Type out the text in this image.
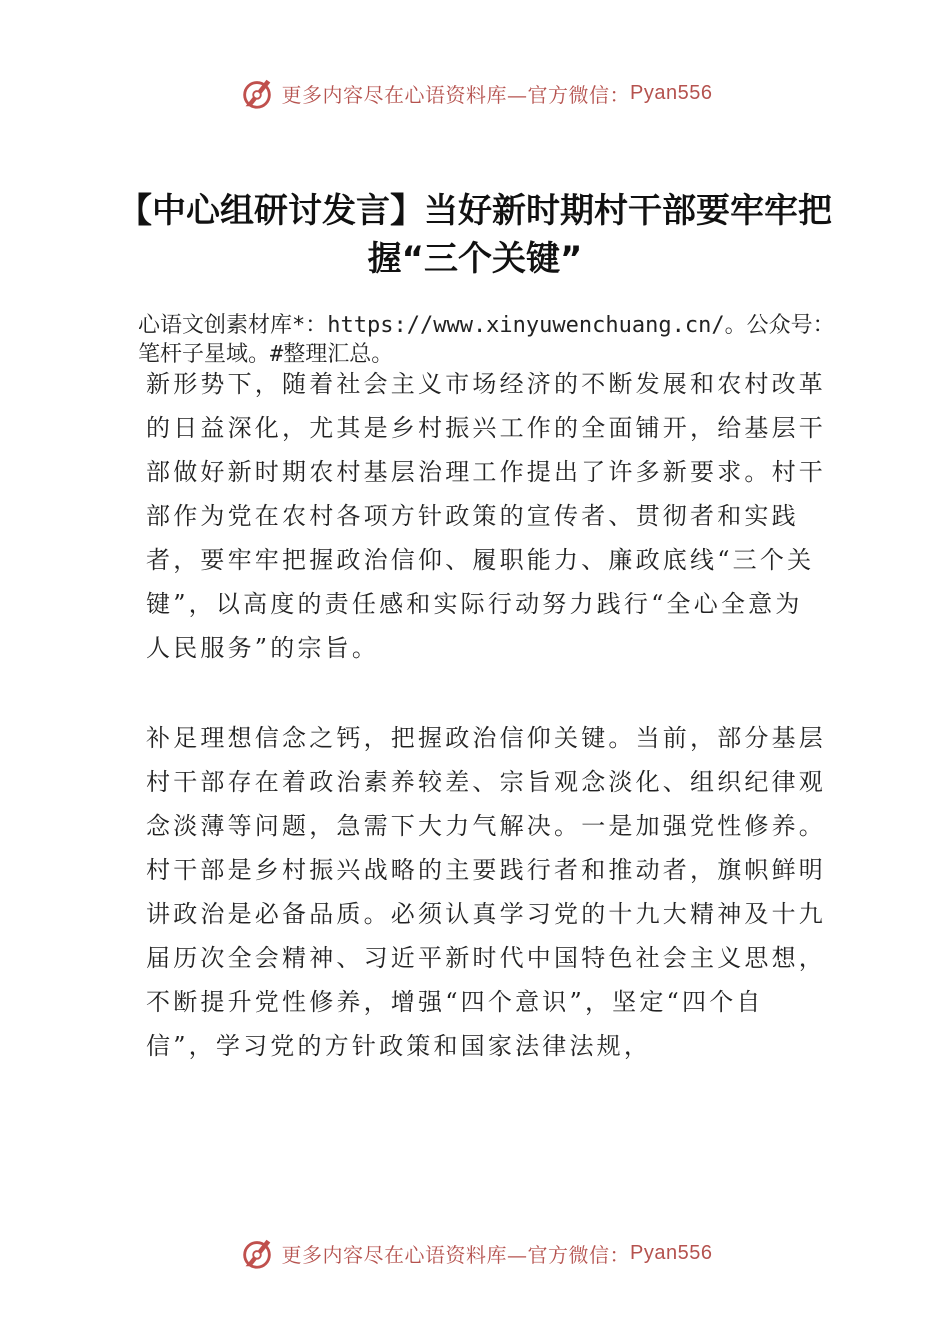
更多内容尽在心语资料库—官方微信： Pyan556
【中心组研讨发言】当好新时期村干部要牢牢把握“三个关键”
心语文创素材库*：https://www.xinyuwenchuang.cn/。公众号：笔杆子星域。#整理汇总。

新形势下，随着社会主义市场经济的不断发展和农村改革的日益深化，尤其是乡村振兴工作的全面铺开，给基层干部做好新时期农村基层治理工作提出了许多新要求。村干部作为党在农村各项方针政策的宣传者、贯彻者和实践者，要牢牢把握政治信仰、履职能力、廉政底线“三个关键”，以高度的责任感和实际行动努力践行“全心全意为人民服务”的宗旨。

补足理想信念之钙，把握政治信仰关键。当前，部分基层村干部存在着政治素养较差、宗旨观念淡化、组织纪律观念淡薄等问题，急需下大力气解决。一是加强党性修养。村干部是乡村振兴战略的主要践行者和推动者，旗帜鲜明讲政治是必备品质。必须认真学习党的十九大精神及十九届历次全会精神、习近平新时代中国特色社会主义思想，不断提升党性修养，增强“四个意识”，坚定“四个自信”，学习党的方针政策和国家法律法规，

更多内容尽在心语资料库—官方微信： Pyan556
